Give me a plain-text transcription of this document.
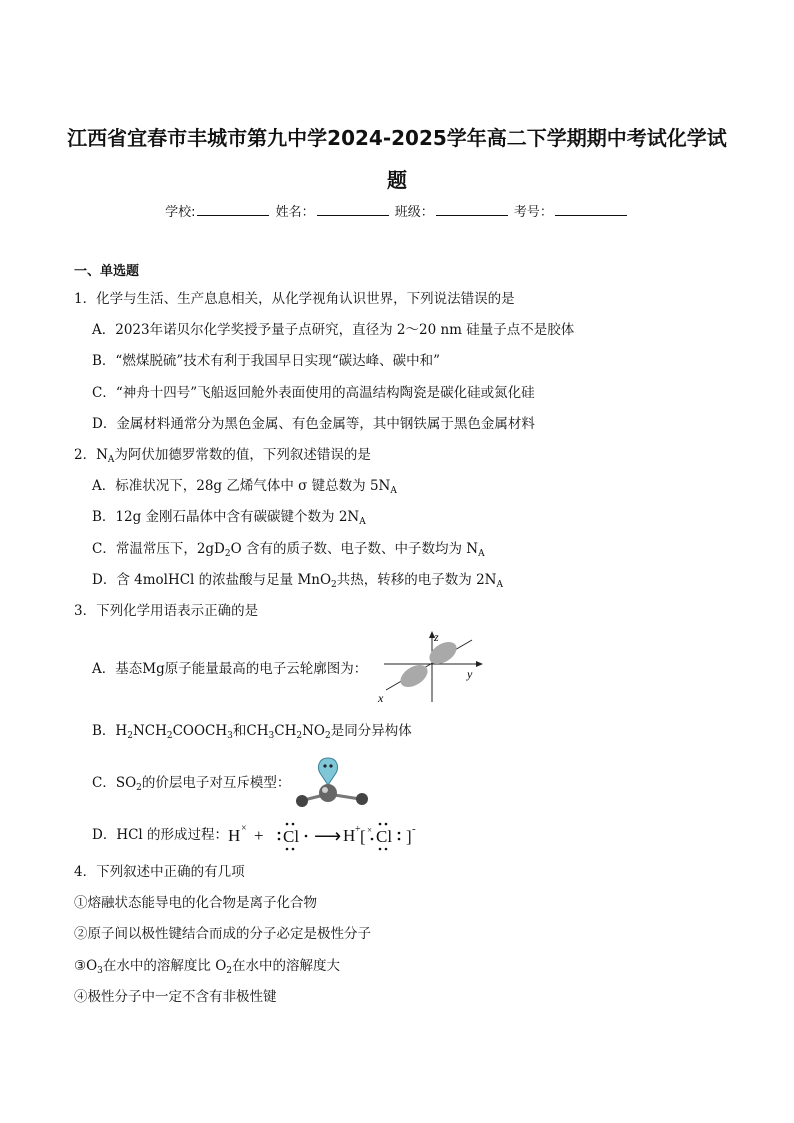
江西省宜春市丰城市第九中学2024-2025学年高二下学期期中考试化学试
题
学校:	姓名：	班级：	考号：
一、单选题
1．化学与生活、生产息息相关，从化学视角认识世界，下列说法错误的是
A．2023年诺贝尔化学奖授予量子点研究，直径为 2～20 nm 硅量子点不是胶体
B．“燃煤脱硫”技术有利于我国早日实现“碳达峰、碳中和”
C．“神舟十四号”飞船返回舱外表面使用的高温结构陶瓷是碳化硅或氮化硅
D．金属材料通常分为黑色金属、有色金属等，其中钢铁属于黑色金属材料
2．$N_A$为阿伏加德罗常数的值，下列叙述错误的是
A．标准状况下，28g 乙烯气体中 σ 键总数为 $5N_A$
B．12g 金刚石晶体中含有碳碳键个数为 $2N_A$
C．常温常压下，$2gD_2O$ 含有的质子数、电子数、中子数均为 $N_A$
D．含 4molHCl 的浓盐酸与足量 MnO$_2$共热，转移的电子数为 $2N_A$
3．下列化学用语表示正确的是
A．基态Mg原子能量最高的电子云轮廓图为：
z
x
y
B．$H_2NCH_2COOCH_3$和$CH_3CH_2NO_2$是同分异构体
C．$SO_2$的价层电子对互斥模型：
D．HCl 的形成过程： H × + Cl ⟶ H + [ × Cl ] -
4．下列叙述中正确的有几项
①熔融状态能导电的化合物是离子化合物
②原子间以极性键结合而成的分子必定是极性分子
$③O_3$在水中的溶解度比 $O_2$在水中的溶解度大
④极性分子中一定不含有非极性键
